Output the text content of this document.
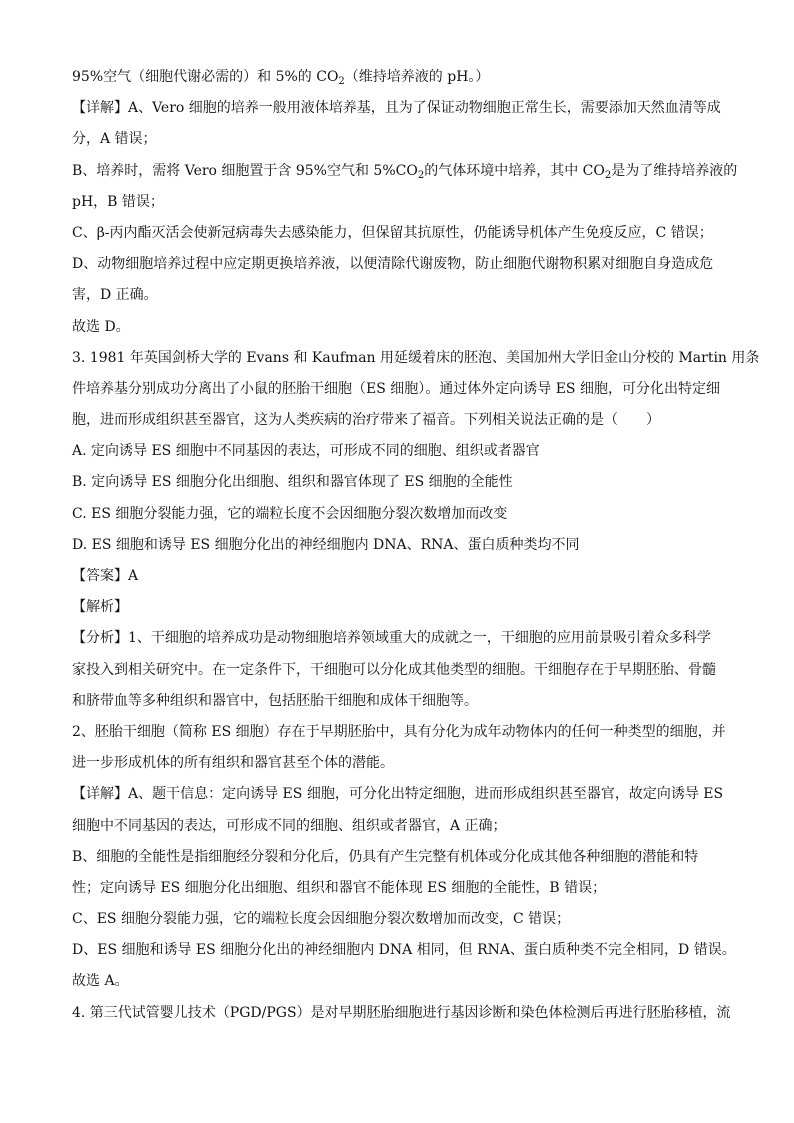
95%空气（细胞代谢必需的）和 5%的 $CO_2$（维持培养液的 pH。）
【详解】A、Vero 细胞的培养一般用液体培养基，且为了保证动物细胞正常生长，需要添加天然血清等成
分，A 错误；
B、培养时，需将 Vero 细胞置于含 95%空气和 $5\%CO_2$的气体环境中培养，其中 $CO_2$是为了维持培养液的
pH，B 错误；
C、β-丙内酯灭活会使新冠病毒失去感染能力，但保留其抗原性，仍能诱导机体产生免疫反应，C 错误；
D、动物细胞培养过程中应定期更换培养液，以便清除代谢废物，防止细胞代谢物积累对细胞自身造成危
害，D 正确。
故选 D。
3. 1981 年英国剑桥大学的 Evans 和 Kaufman 用延缓着床的胚泡、美国加州大学旧金山分校的 Martin 用条
件培养基分别成功分离出了小鼠的胚胎干细胞（ES 细胞）。通过体外定向诱导 ES 细胞，可分化出特定细
胞，进而形成组织甚至器官，这为人类疾病的治疗带来了福音。下列相关说法正确的是（　　）
A. 定向诱导 ES 细胞中不同基因的表达，可形成不同的细胞、组织或者器官
B. 定向诱导 ES 细胞分化出细胞、组织和器官体现了 ES 细胞的全能性
C. ES 细胞分裂能力强，它的端粒长度不会因细胞分裂次数增加而改变
D. ES 细胞和诱导 ES 细胞分化出的神经细胞内 DNA、RNA、蛋白质种类均不同
【答案】A
【解析】
【分析】1、干细胞的培养成功是动物细胞培养领域重大的成就之一，干细胞的应用前景吸引着众多科学
家投入到相关研究中。在一定条件下，干细胞可以分化成其他类型的细胞。干细胞存在于早期胚胎、骨髓
和脐带血等多种组织和器官中，包括胚胎干细胞和成体干细胞等。
2、胚胎干细胞（简称 ES 细胞）存在于早期胚胎中，具有分化为成年动物体内的任何一种类型的细胞，并
进一步形成机体的所有组织和器官甚至个体的潜能。
【详解】A、题干信息：定向诱导 ES 细胞，可分化出特定细胞，进而形成组织甚至器官，故定向诱导 ES
细胞中不同基因的表达，可形成不同的细胞、组织或者器官，A 正确；
B、细胞的全能性是指细胞经分裂和分化后，仍具有产生完整有机体或分化成其他各种细胞的潜能和特
性；定向诱导 ES 细胞分化出细胞、组织和器官不能体现 ES 细胞的全能性，B 错误；
C、ES 细胞分裂能力强，它的端粒长度会因细胞分裂次数增加而改变，C 错误；
D、ES 细胞和诱导 ES 细胞分化出的神经细胞内 DNA 相同，但 RNA、蛋白质种类不完全相同，D 错误。
故选 A。
4. 第三代试管婴儿技术（PGD/PGS）是对早期胚胎细胞进行基因诊断和染色体检测后再进行胚胎移植，流
